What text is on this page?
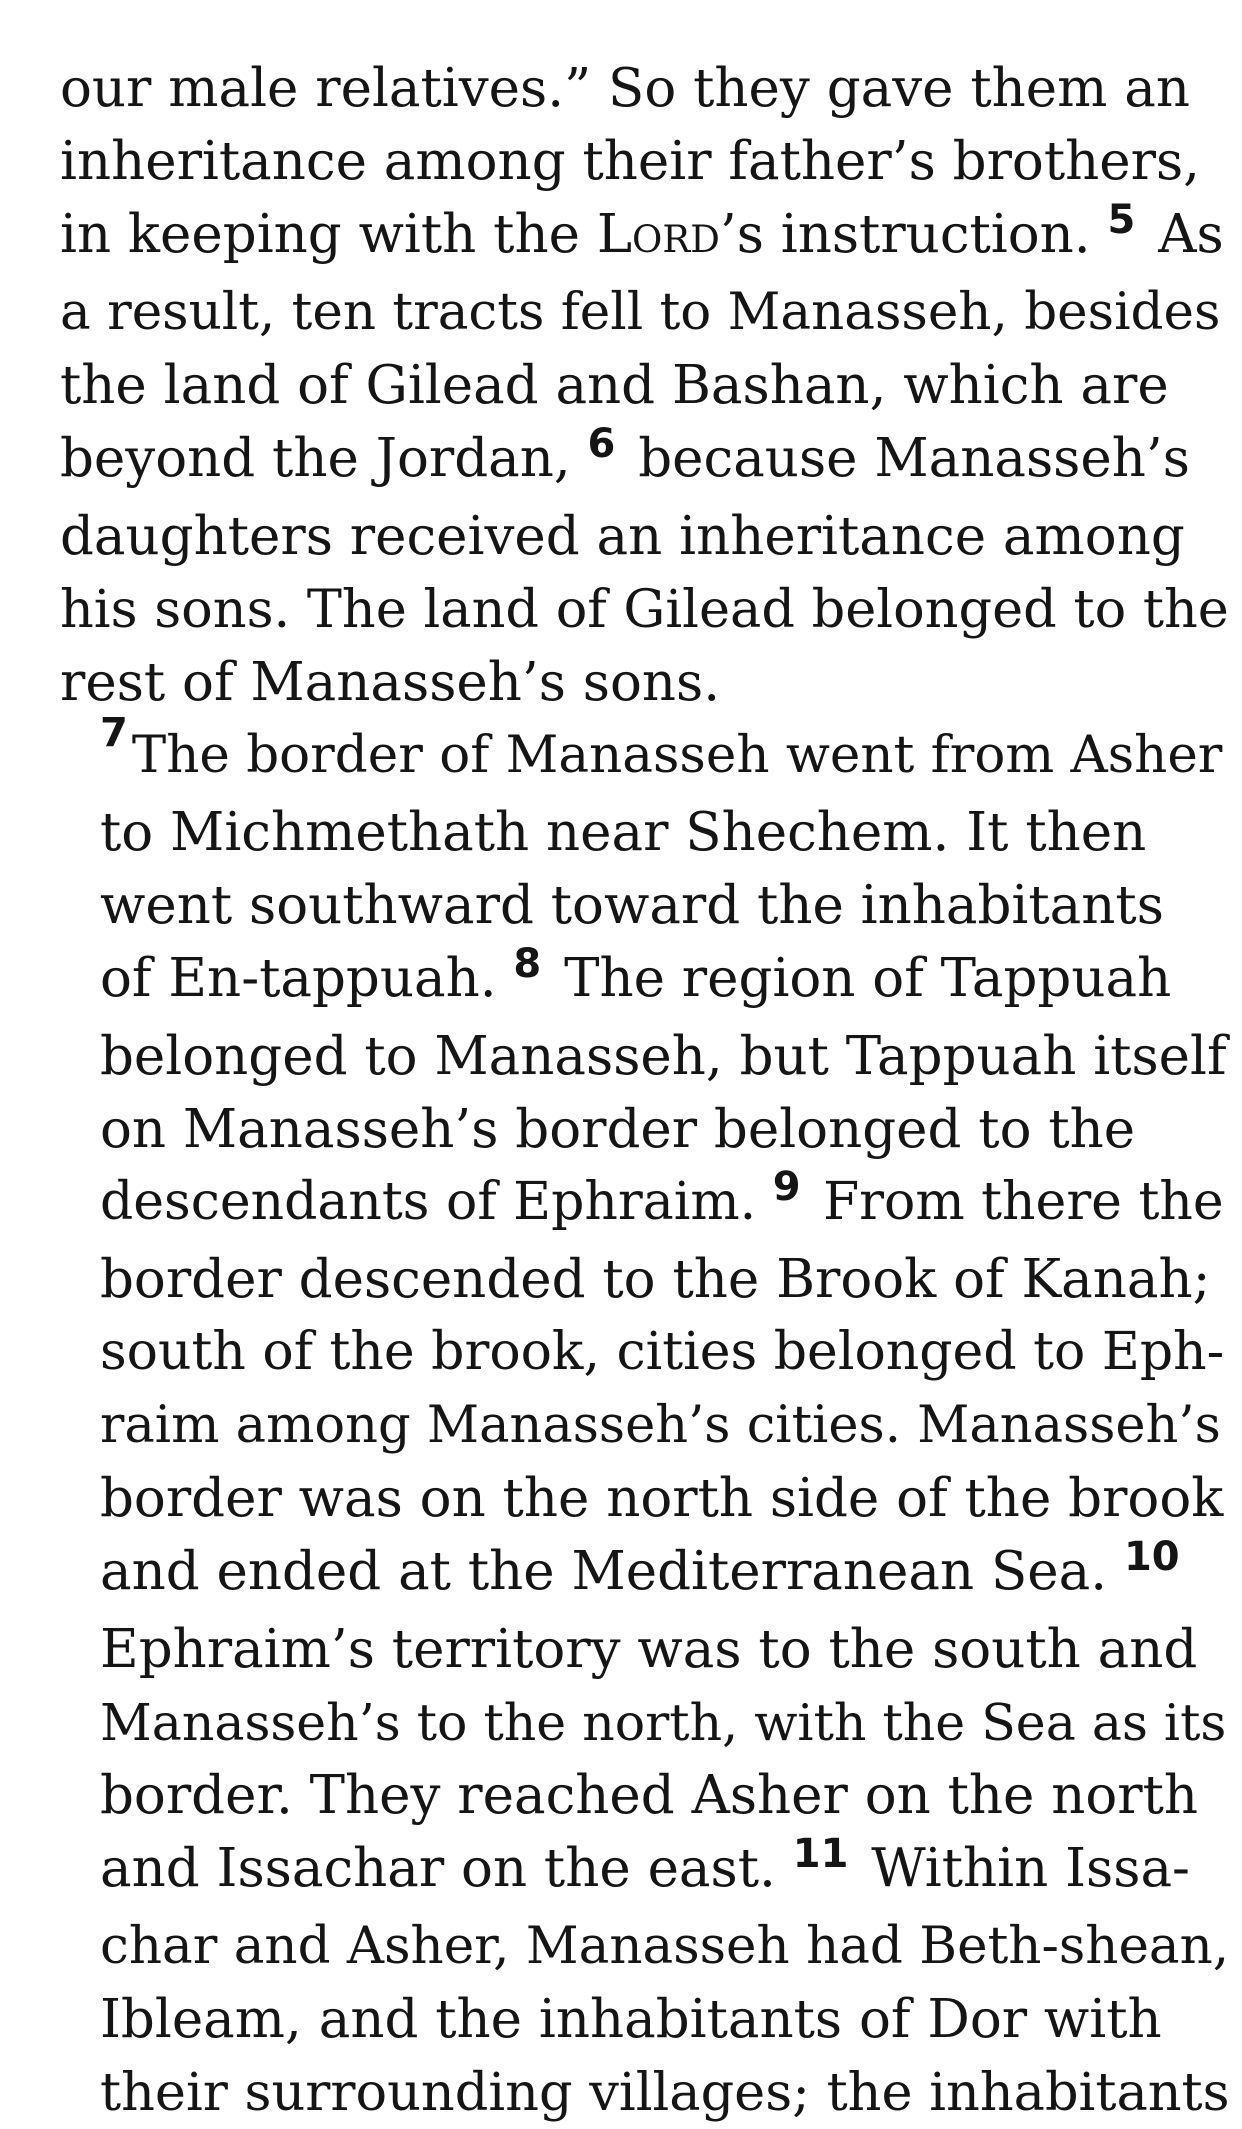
our male relatives.” So they gave them an
inheritance among their father’s brothers,
in keeping with the Lord’s instruction. $^5$ As
a result, ten tracts fell to Manasseh, besides
the land of Gilead and Bashan, which are
beyond the Jordan, $^6$ because Manasseh’s
daughters received an inheritance among
his sons. The land of Gilead belonged to the
rest of Manasseh’s sons.

7The border of Manasseh went from Asher
to Michmethath near Shechem. It then
went southward toward the inhabitants
of En-tappuah. $^8$ The region of Tappuah
belonged to Manasseh, but Tappuah itself
on Manasseh’s border belonged to the
descendants of Ephraim. $^9$ From there the
border descended to the Brook of Kanah;
south of the brook, cities belonged to Eph-
raim among Manasseh’s cities. Manasseh’s
border was on the north side of the brook
and ended at the Mediterranean Sea. $^{10}$
Ephraim’s territory was to the south and
Manasseh’s to the north, with the Sea as its
border. They reached Asher on the north
and Issachar on the east. $^{11}$ Within Issa-
char and Asher, Manasseh had Beth-shean,
Ibleam, and the inhabitants of Dor with
their surrounding villages; the inhabitants
